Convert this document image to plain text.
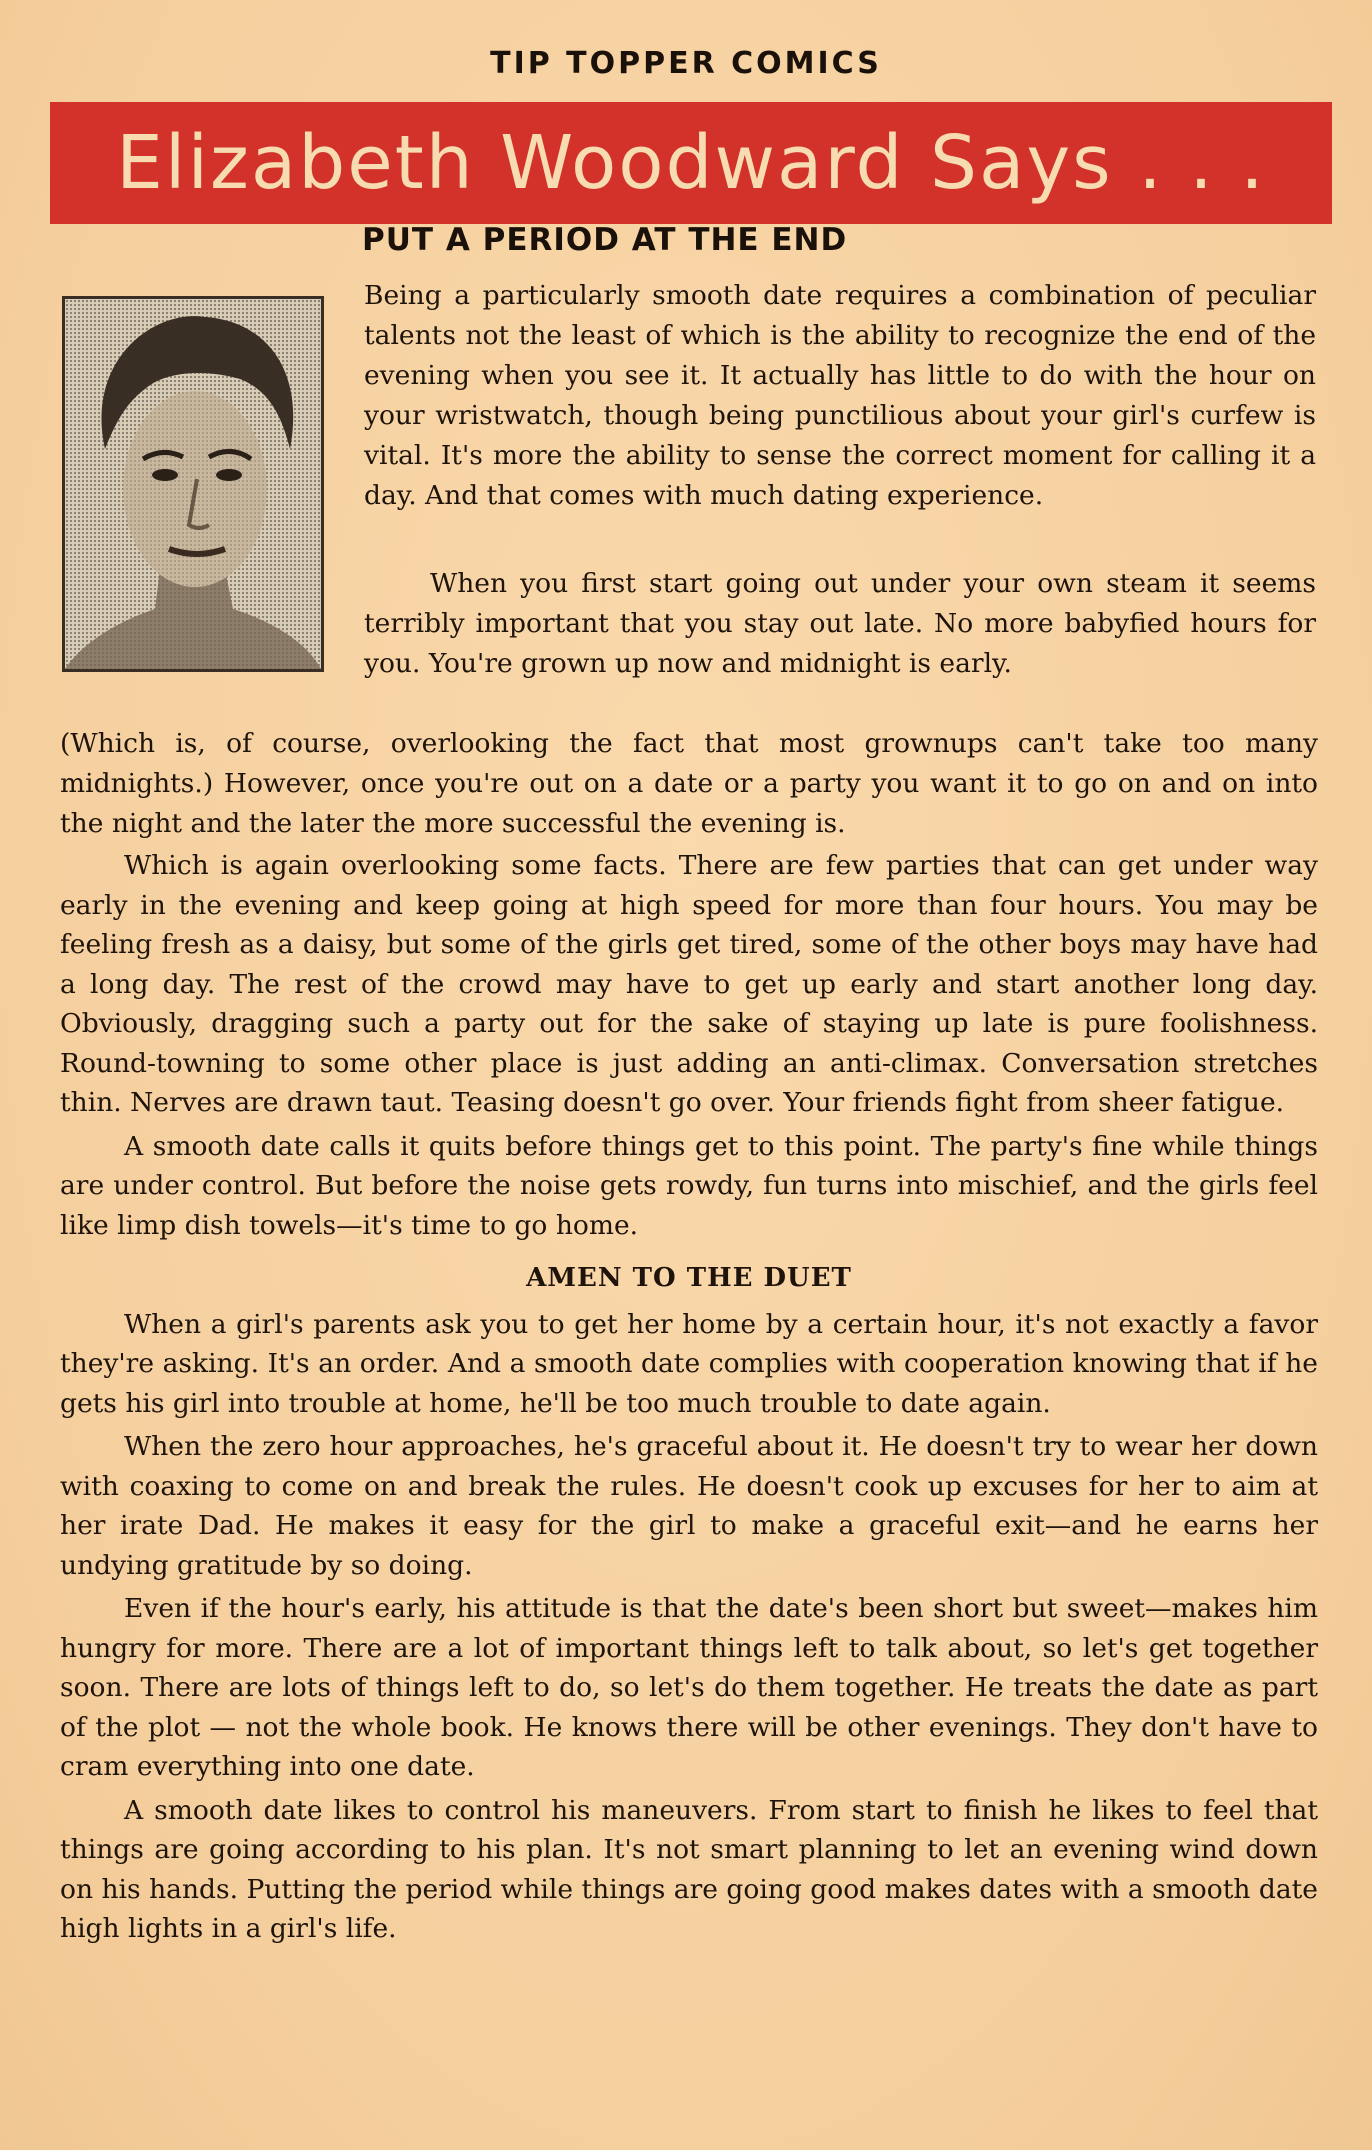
TIP TOPPER COMICS
Elizabeth Woodward Says . . .
PUT A PERIOD AT THE END

Being a particularly smooth date requires a combination of peculiar talents not the least of which is the ability to recognize the end of the evening when you see it. It actually has little to do with the hour on your wristwatch, though being punctilious about your girl's curfew is vital. It's more the ability to sense the correct moment for calling it a day. And that comes with much dating experience.

When you first start going out under your own steam it seems terribly important that you stay out late. No more babyfied hours for you. You're grown up now and midnight is early.

(Which is, of course, overlooking the fact that most grownups can't take too many midnights.) However, once you're out on a date or a party you want it to go on and on into the night and the later the more successful the evening is.

Which is again overlooking some facts. There are few parties that can get under way early in the evening and keep going at high speed for more than four hours. You may be feeling fresh as a daisy, but some of the girls get tired, some of the other boys may have had a long day. The rest of the crowd may have to get up early and start another long day. Obviously, dragging such a party out for the sake of staying up late is pure foolishness. Round-towning to some other place is just adding an anti-climax. Conversation stretches thin. Nerves are drawn taut. Teasing doesn't go over. Your friends fight from sheer fatigue.

A smooth date calls it quits before things get to this point. The party's fine while things are under control. But before the noise gets rowdy, fun turns into mischief, and the girls feel like limp dish towels—it's time to go home.

AMEN TO THE DUET

When a girl's parents ask you to get her home by a certain hour, it's not exactly a favor they're asking. It's an order. And a smooth date complies with cooperation knowing that if he gets his girl into trouble at home, he'll be too much trouble to date again.

When the zero hour approaches, he's graceful about it. He doesn't try to wear her down with coaxing to come on and break the rules. He doesn't cook up excuses for her to aim at her irate Dad. He makes it easy for the girl to make a graceful exit—and he earns her undying gratitude by so doing.

Even if the hour's early, his attitude is that the date's been short but sweet—makes him hungry for more. There are a lot of important things left to talk about, so let's get together soon. There are lots of things left to do, so let's do them together. He treats the date as part of the plot — not the whole book. He knows there will be other evenings. They don't have to cram everything into one date.

A smooth date likes to control his maneuvers. From start to finish he likes to feel that things are going according to his plan. It's not smart planning to let an evening wind down on his hands. Putting the period while things are going good makes dates with a smooth date high lights in a girl's life.
